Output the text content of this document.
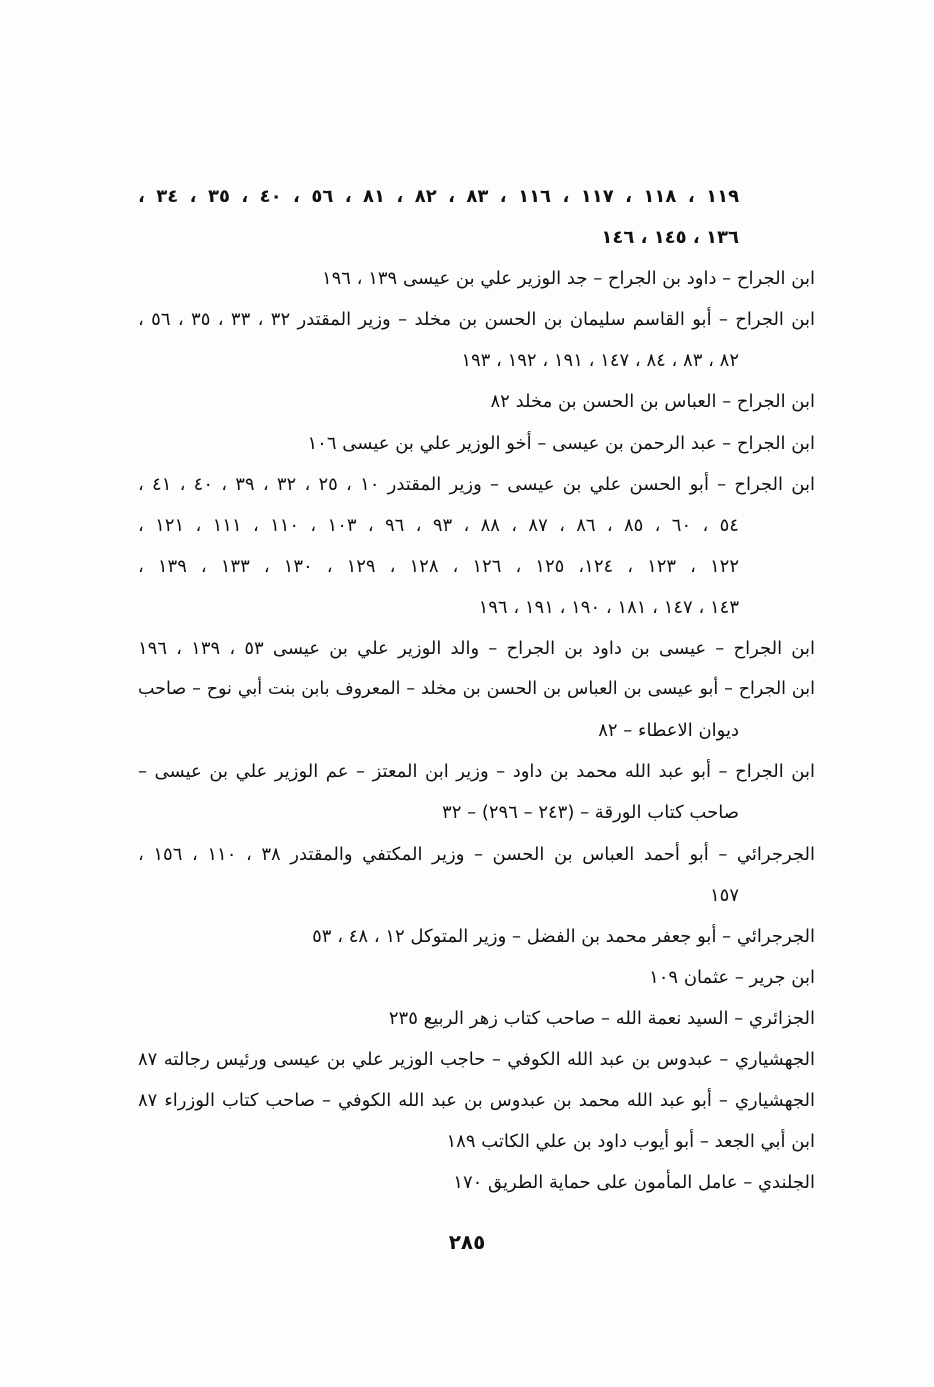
١١٩ ، ١١٨ ، ١١٧ ، ١١٦ ، ٨٣ ، ٨٢ ، ٨١ ، ٥٦ ، ٤٠ ، ٣٥ ، ٣٤ ،
١٣٦ ، ١٤٥ ، ١٤٦
ابن الجراح – داود بن الجراح – جد الوزير علي بن عيسى ١٣٩ ، ١٩٦
ابن الجراح – أبو القاسم سليمان بن الحسن بن مخلد – وزير المقتدر ٣٢ ، ٣٣ ، ٣٥ ، ٥٦ ،
٨٢ ، ٨٣ ، ٨٤ ، ١٤٧ ، ١٩١ ، ١٩٢ ، ١٩٣
ابن الجراح – العباس بن الحسن بن مخلد ٨٢
ابن الجراح – عبد الرحمن بن عيسى – أخو الوزير علي بن عيسى ١٠٦
ابن الجراح – أبو الحسن علي بن عيسى – وزير المقتدر ١٠ ، ٢٥ ، ٣٢ ، ٣٩ ، ٤٠ ، ٤١ ،
٥٤ ، ٦٠ ، ٨٥ ، ٨٦ ، ٨٧ ، ٨٨ ، ٩٣ ، ٩٦ ، ١٠٣ ، ١١٠ ، ١١١ ، ١٢١ ،
١٢٢ ، ١٢٣ ، ١٢٤، ١٢٥ ، ١٢٦ ، ١٢٨ ، ١٢٩ ، ١٣٠ ، ١٣٣ ، ١٣٩ ،
١٤٣ ، ١٤٧ ، ١٨١ ، ١٩٠ ، ١٩١ ، ١٩٦
ابن الجراح – عيسى بن داود بن الجراح – والد الوزير علي بن عيسى ٥٣ ، ١٣٩ ، ١٩٦
ابن الجراح – أبو عيسى بن العباس بن الحسن بن مخلد – المعروف بابن بنت أبي نوح – صاحب
ديوان الاعطاء – ٨٢
ابن الجراح – أبو عبد الله محمد بن داود – وزير ابن المعتز – عم الوزير علي بن عيسى –
صاحب كتاب الورقة – (٢٤٣ – ٢٩٦) – ٣٢
الجرجرائي – أبو أحمد العباس بن الحسن – وزير المكتفي والمقتدر ٣٨ ، ١١٠ ، ١٥٦ ،
١٥٧
الجرجرائي – أبو جعفر محمد بن الفضل – وزير المتوكل ١٢ ، ٤٨ ، ٥٣
ابن جرير – عثمان ١٠٩
الجزائري – السيد نعمة الله – صاحب كتاب زهر الربيع ٢٣٥
الجهشياري – عبدوس بن عبد الله الكوفي – حاجب الوزير علي بن عيسى ورئيس رجالته ٨٧
الجهشياري – أبو عبد الله محمد بن عبدوس بن عبد الله الكوفي – صاحب كتاب الوزراء ٨٧
ابن أبي الجعد – أبو أيوب داود بن علي الكاتب ١٨٩
الجلندي – عامل المأمون على حماية الطريق ١٧٠
٢٨٥
